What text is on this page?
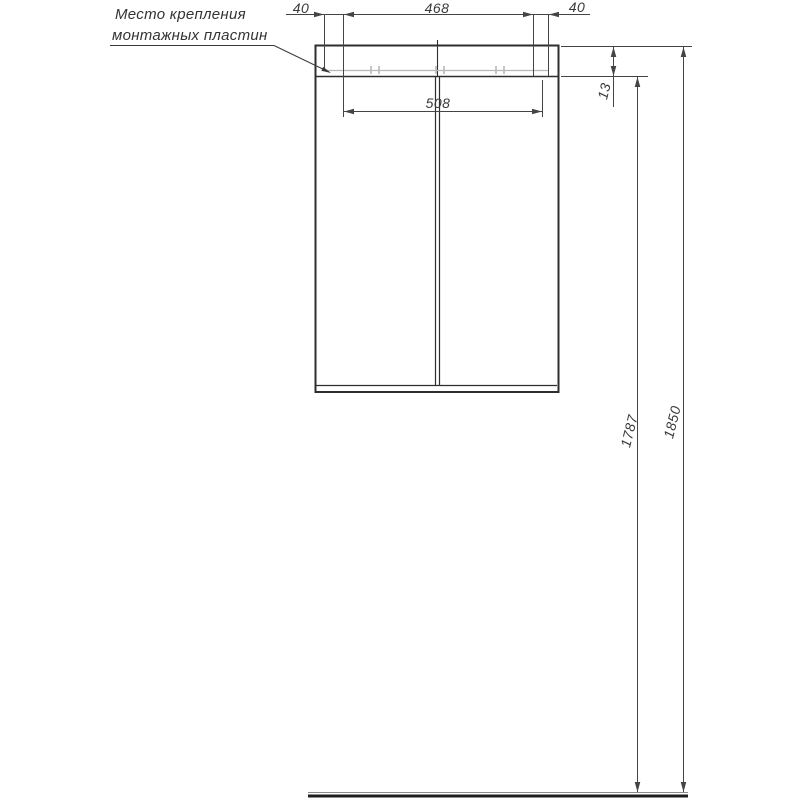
Место крепления
монтажных пластин
40	468	40
508
13
1787 1850
